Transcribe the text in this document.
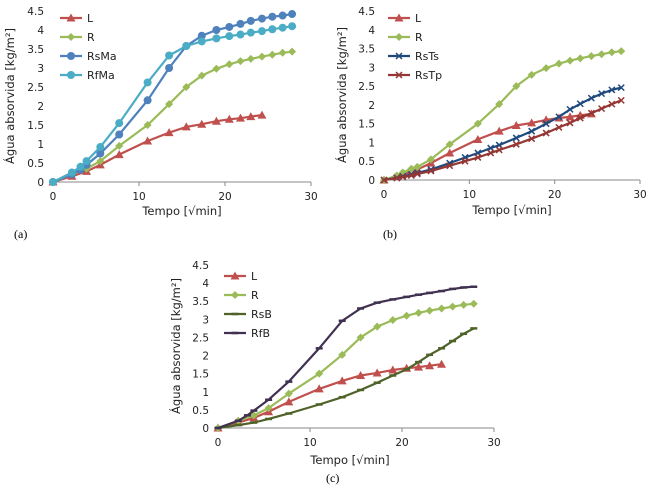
0
0.5
1
1.5
2
2.5
3
3.5
4
4.5
0	10	20	30
Tempo [√min]
Água absorvida [kg/m²]
L
R
RsMa
RfMa
(a)
0
0.5
1
1.5
2
2.5
3
3.5
4
4.5
0	10	20	30
Tempo [√min]
Água absorvida [kg/m²]
L
R
RsTs
RsTp
(b)
0
0.5
1
1.5
2
2.5
3
3.5
4
4.5
0	10	20	30
Tempo [√min]
Água absorvida [kg/m²]
L
R
RsB
RfB
(c)
